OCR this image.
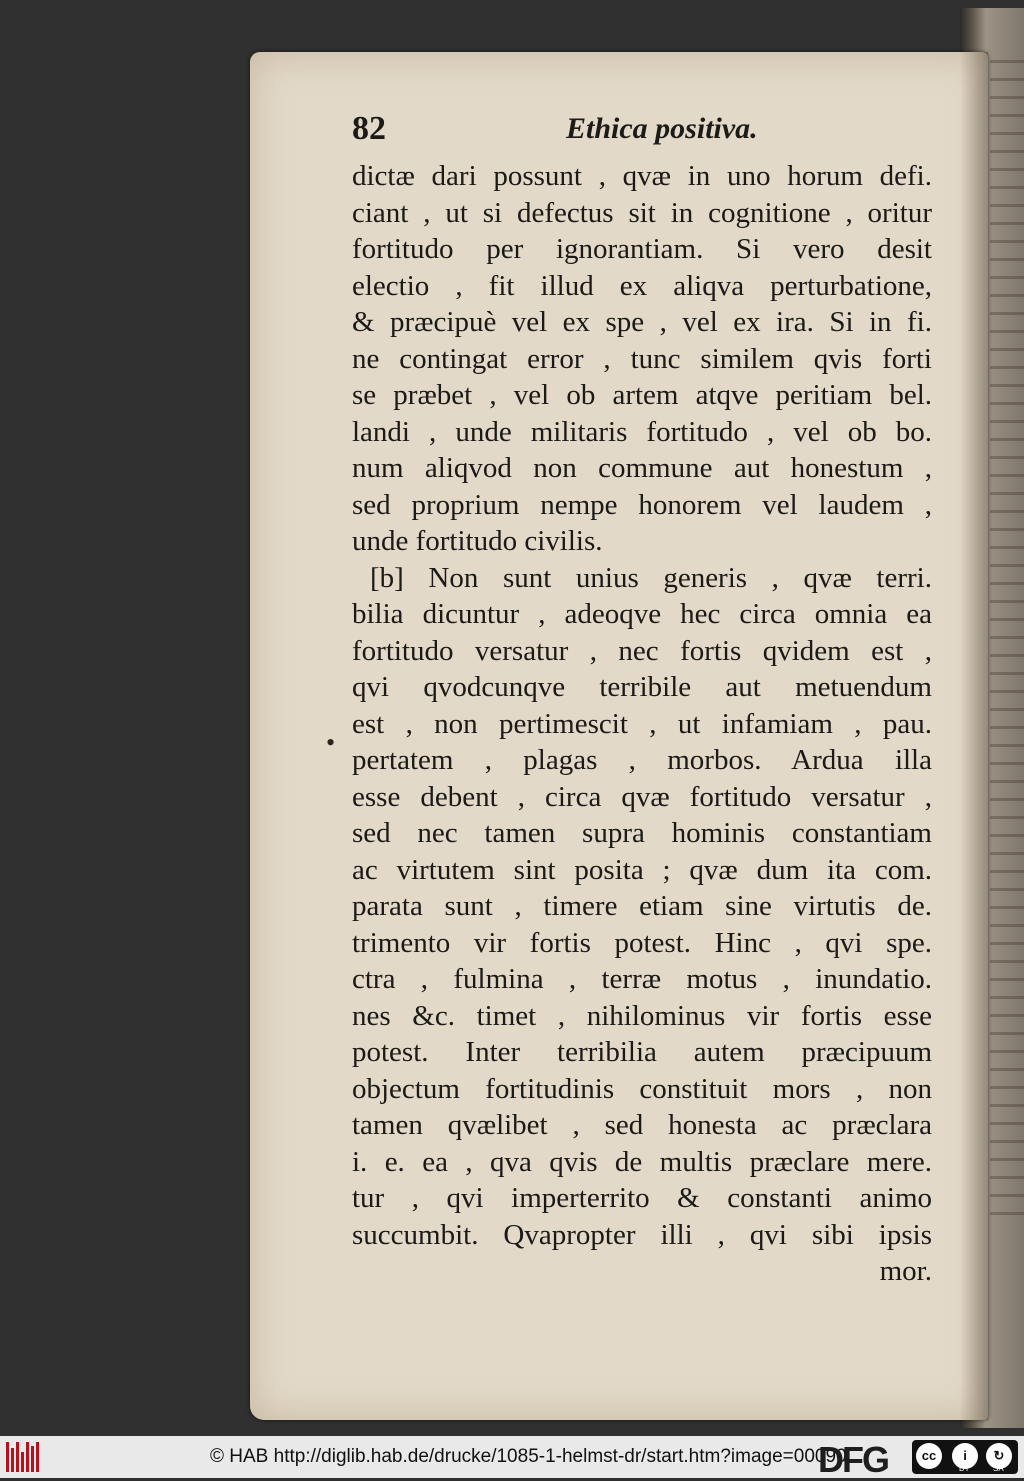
82	Ethica positiva.
•
dictæ dari possunt , qvæ in uno horum defi.
ciant , ut si defectus sit in cognitione , oritur
fortitudo per ignorantiam. Si vero desit
electio , fit illud ex aliqva perturbatione,
& præcipuè vel ex spe , vel ex ira. Si in fi.
ne contingat error , tunc similem qvis forti
se præbet , vel ob artem atqve peritiam bel.
landi , unde militaris fortitudo , vel ob bo.
num aliqvod non commune aut honestum ,
sed proprium nempe honorem vel laudem ,
unde fortitudo civilis.
[b] Non sunt unius generis , qvæ terri.
bilia dicuntur , adeoqve hec circa omnia ea
fortitudo versatur , nec fortis qvidem est ,
qvi qvodcunqve terribile aut metuendum
est , non pertimescit , ut infamiam , pau.
pertatem , plagas , morbos. Ardua illa
esse debent , circa qvæ fortitudo versatur ,
sed nec tamen supra hominis constantiam
ac virtutem sint posita ; qvæ dum ita com.
parata sunt , timere etiam sine virtutis de.
trimento vir fortis potest. Hinc , qvi spe.
ctra , fulmina , terræ motus , inundatio.
nes &c. timet , nihilominus vir fortis esse
potest. Inter terribilia autem præcipuum
objectum fortitudinis constituit mors , non
tamen qvælibet , sed honesta ac præclara
i. e. ea , qva qvis de multis præclare mere.
tur , qvi imperterrito & constanti animo
succumbit. Qvapropter illi , qvi sibi ipsis
mor.
© HAB http://diglib.hab.de/drucke/1085-1-helmst-dr/start.htm?image=00090
DFG	cc	i	↻
BY	SA
